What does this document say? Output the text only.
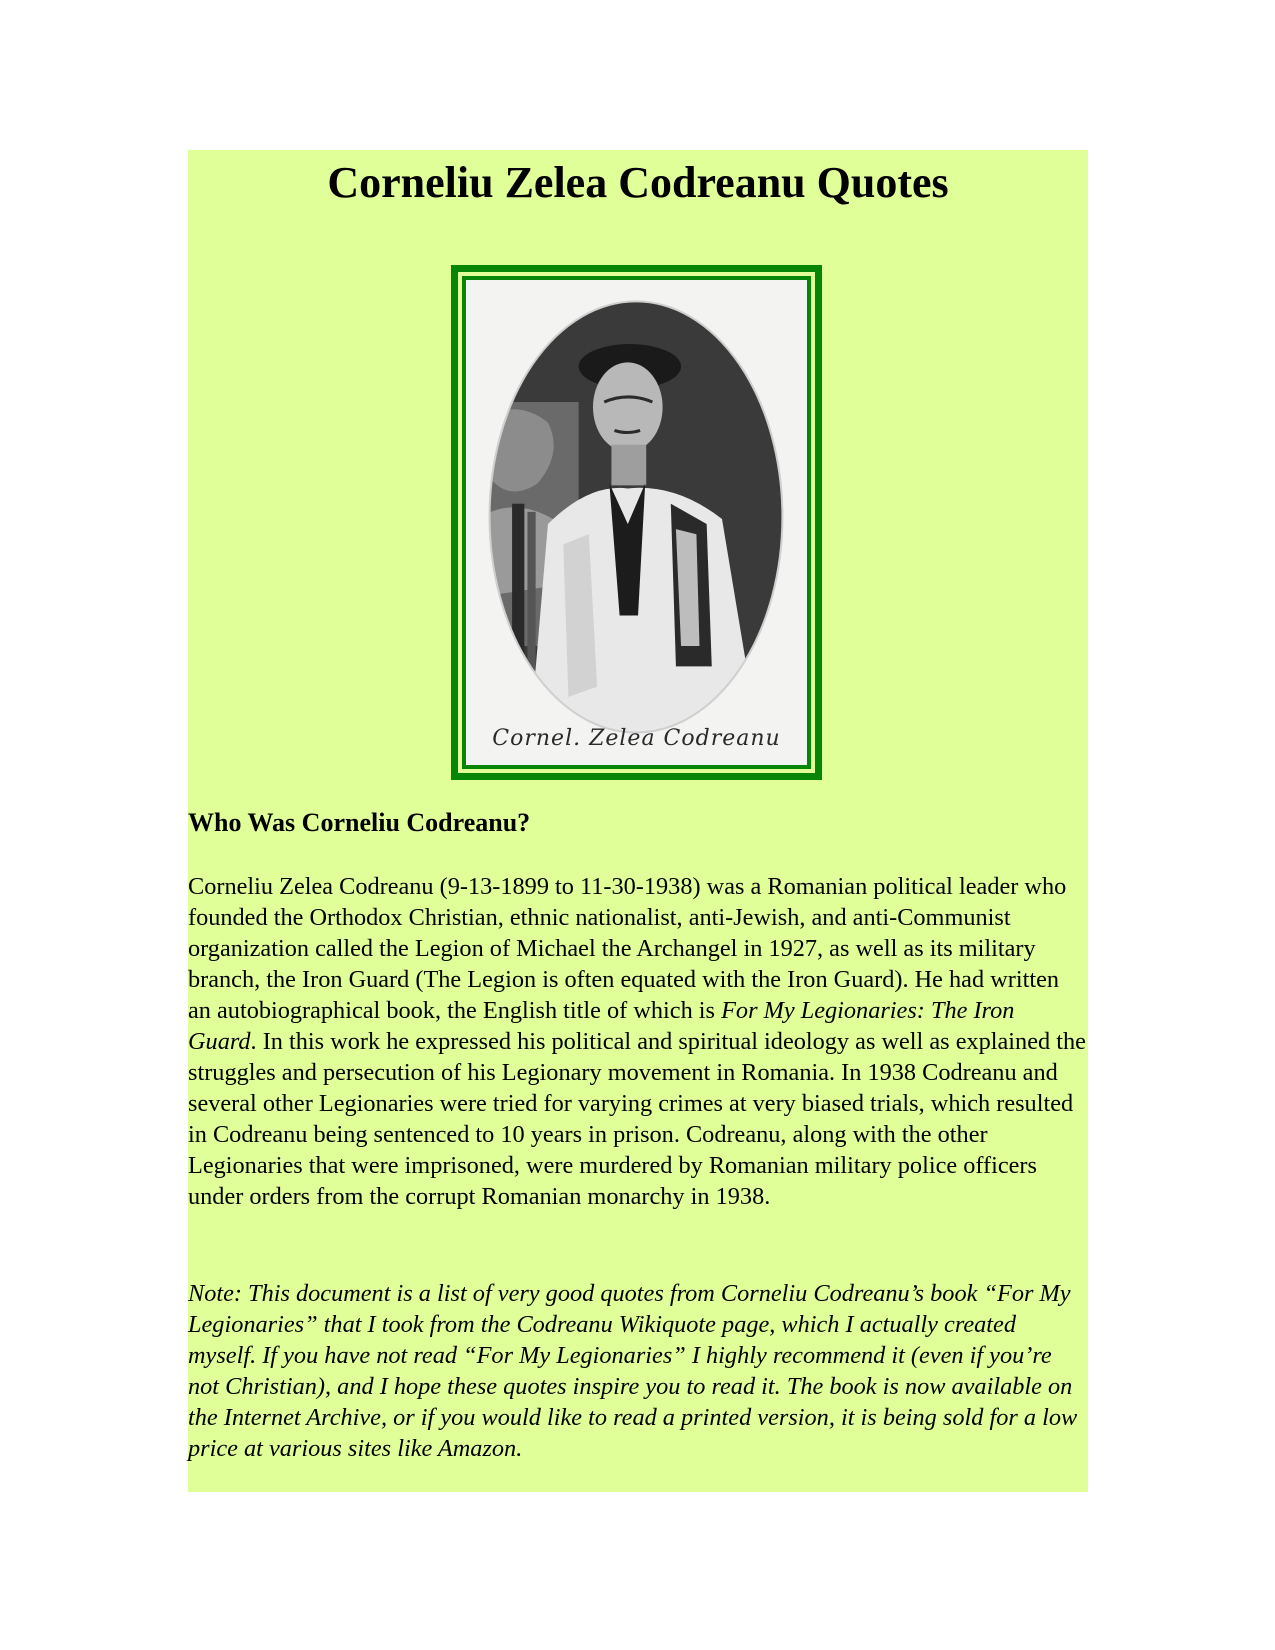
Corneliu Zelea Codreanu Quotes
Cornel. Zelea Codreanu
Who Was Corneliu Codreanu?

Corneliu Zelea Codreanu (9-13-1899 to 11-30-1938) was a Romanian political leader who founded the Orthodox Christian, ethnic nationalist, anti-Jewish, and anti-Communist organization called the Legion of Michael the Archangel in 1927, as well as its military branch, the Iron Guard (The Legion is often equated with the Iron Guard). He had written an autobiographical book, the English title of which is For My Legionaries: The Iron Guard. In this work he expressed his political and spiritual ideology as well as explained the struggles and persecution of his Legionary movement in Romania. In 1938 Codreanu and several other Legionaries were tried for varying crimes at very biased trials, which resulted in Codreanu being sentenced to 10 years in prison. Codreanu, along with the other Legionaries that were imprisoned, were murdered by Romanian military police officers under orders from the corrupt Romanian monarchy in 1938.

Note: This document is a list of very good quotes from Corneliu Codreanu’s book “For My Legionaries” that I took from the Codreanu Wikiquote page, which I actually created myself. If you have not read “For My Legionaries” I highly recommend it (even if you’re not Christian), and I hope these quotes inspire you to read it. The book is now available on the Internet Archive, or if you would like to read a printed version, it is being sold for a low price at various sites like Amazon.
